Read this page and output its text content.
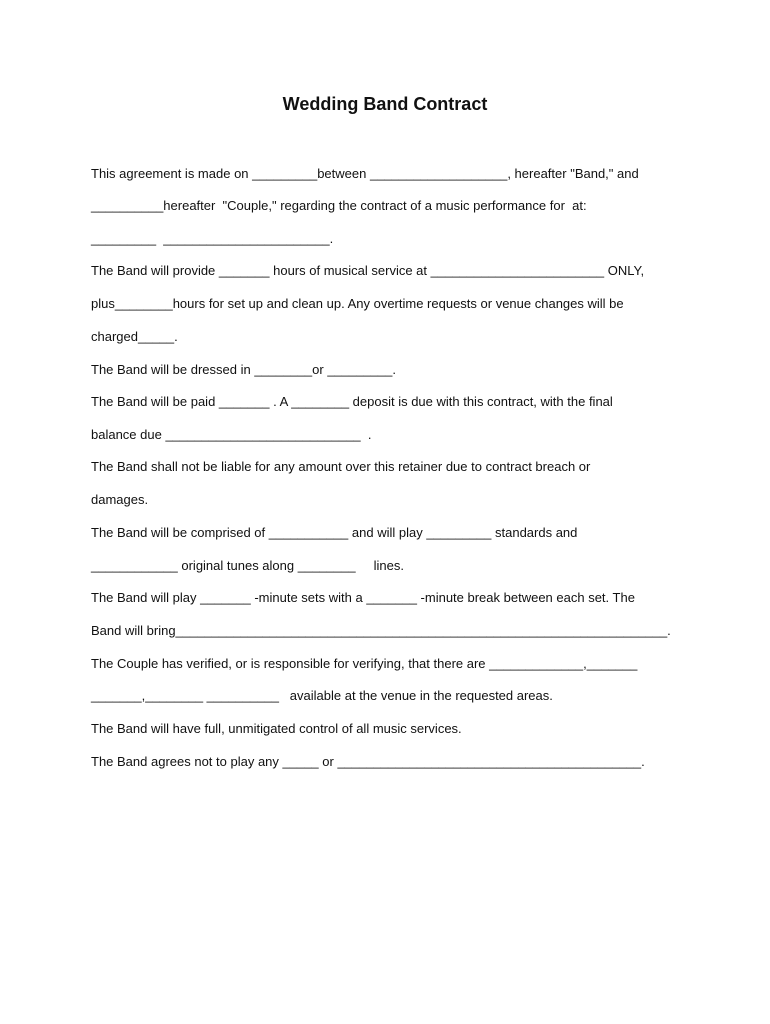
Wedding Band Contract
This agreement is made on _________between ___________________, hereafter "Band," and
__________hereafter  "Couple," regarding the contract of a music performance for  at:
_________  _______________________.
The Band will provide _______ hours of musical service at ________________________ ONLY,
plus________hours for set up and clean up. Any overtime requests or venue changes will be
charged_____.
The Band will be dressed in ________or _________.
The Band will be paid _______ . A ________ deposit is due with this contract, with the final
balance due ___________________________  .
The Band shall not be liable for any amount over this retainer due to contract breach or
damages.
The Band will be comprised of ___________ and will play _________ standards and
____________ original tunes along ________     lines.
The Band will play _______ -minute sets with a _______ -minute break between each set. The
Band will bring____________________________________________________________________.
The Couple has verified, or is responsible for verifying, that there are _____________,_______
_______,________ __________   available at the venue in the requested areas.
The Band will have full, unmitigated control of all music services.
The Band agrees not to play any _____ or __________________________________________.
